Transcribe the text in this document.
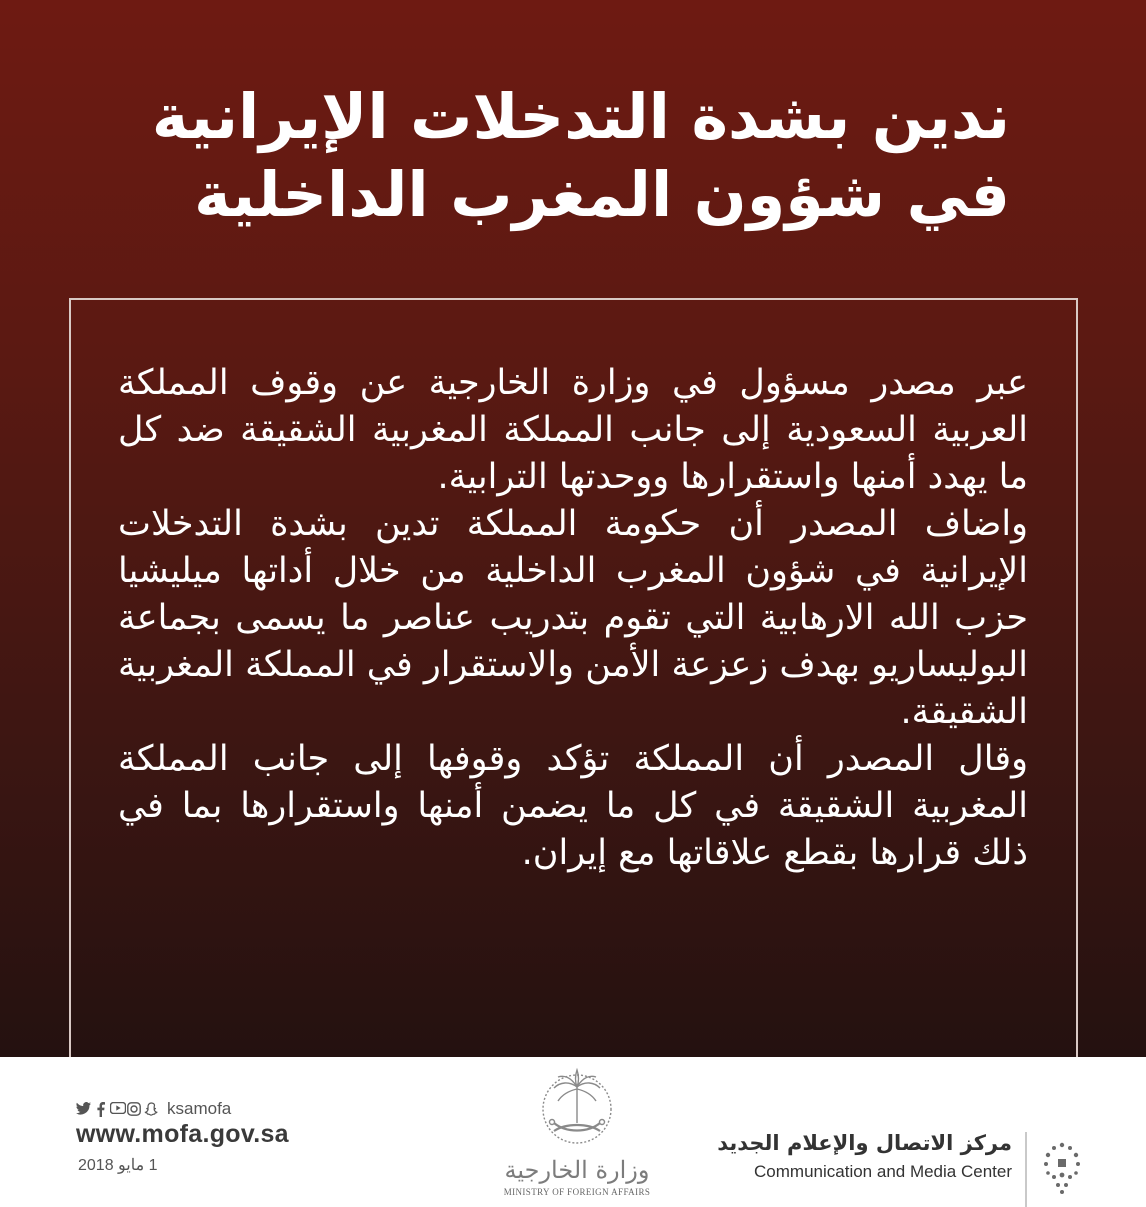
ندين بشدة التدخلات الإيرانية
في شؤون المغرب الداخلية

عبر مصدر مسؤول في وزارة الخارجية عن وقوف المملكة العربية السعودية إلى جانب المملكة المغربية الشقيقة ضد كل ما يهدد أمنها واستقرارها ووحدتها الترابية.

واضاف المصدر أن حكومة المملكة تدين بشدة التدخلات الإيرانية في شؤون المغرب الداخلية من خلال أداتها ميليشيا حزب الله الارهابية التي تقوم بتدريب عناصر ما يسمى بجماعة البوليساريو بهدف زعزعة الأمن والاستقرار في المملكة المغربية الشقيقة.

وقال المصدر أن المملكة تؤكد وقوفها إلى جانب المملكة المغربية الشقيقة في كل ما يضمن أمنها واستقرارها بما في ذلك قرارها بقطع علاقاتها مع إيران.

ksamofa
www.mofa.gov.sa
1 مايو 2018	وزارة الخارجية
MINISTRY OF FOREIGN AFFAIRS
مركز الاتصال والإعلام الجديد
Communication and Media Center
